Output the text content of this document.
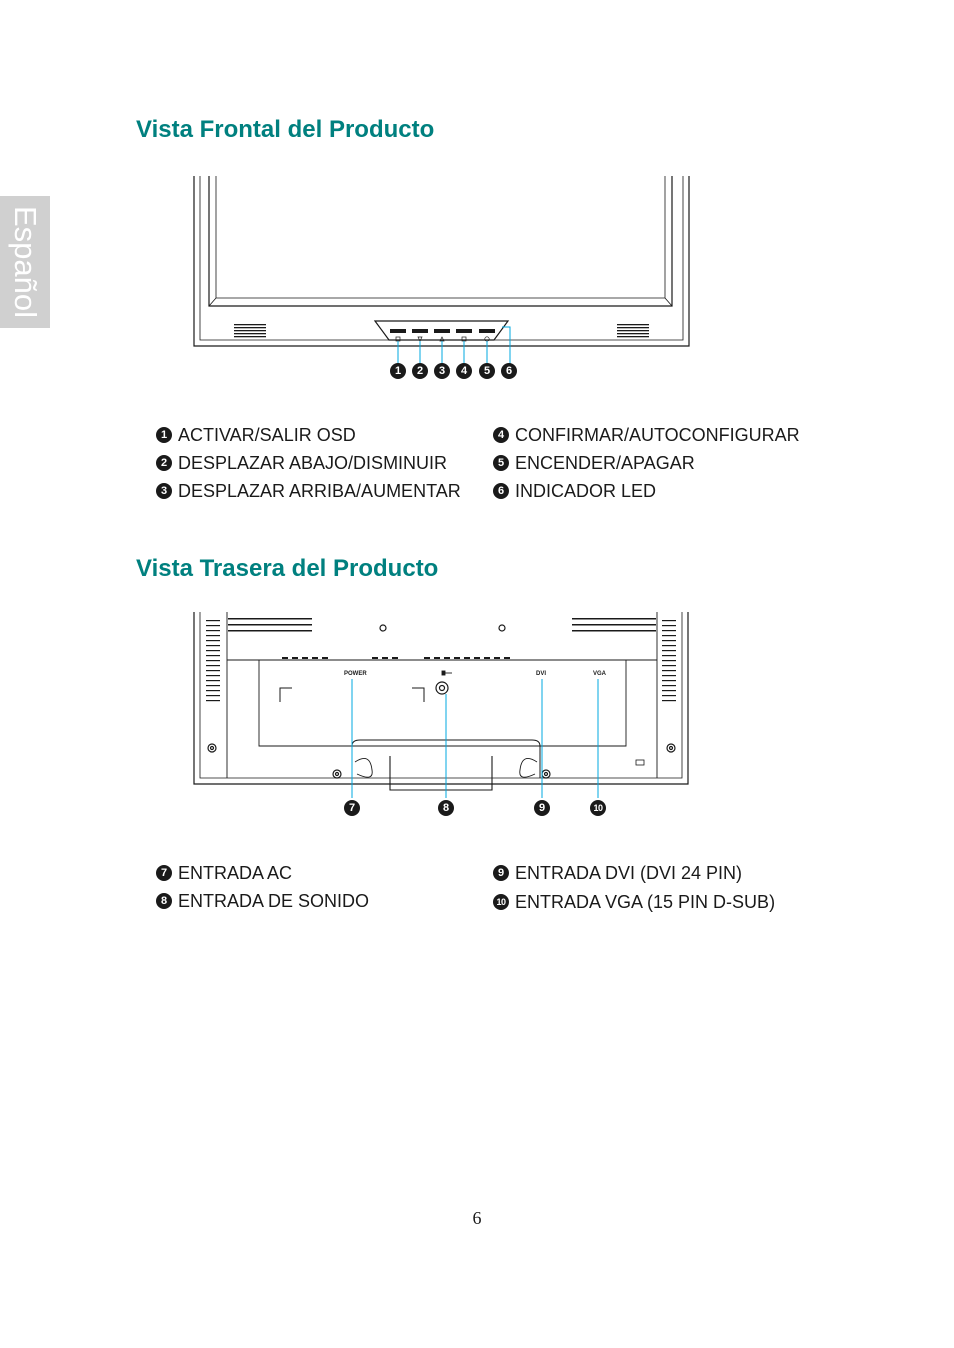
Español
Vista Frontal del Producto
1	2	3	4	5	6
1 ACTIVAR/SALIR OSD
2 DESPLAZAR ABAJO/DISMINUIR
3 DESPLAZAR ARRIBA/AUMENTAR
4 CONFIRMAR/AUTOCONFIGURAR
5 ENCENDER/APAGAR
6 INDICADOR LED
Vista Trasera del Producto
POWER	DVI	VGA
7	8	9	10
7 ENTRADA AC
8 ENTRADA DE SONIDO
9 ENTRADA DVI (DVI 24 PIN)
10 ENTRADA VGA (15 PIN D-SUB)
6
